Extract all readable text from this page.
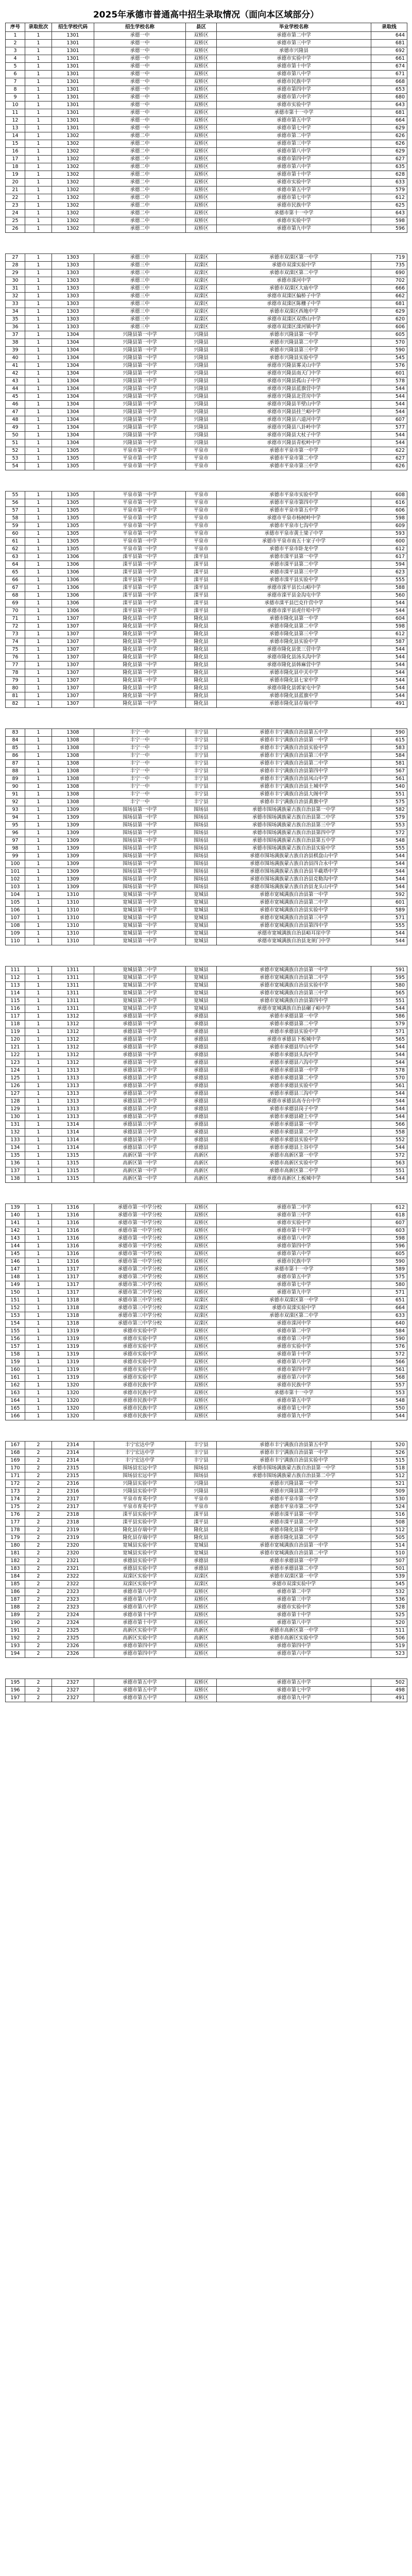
2025年承德市普通高中招生录取情况（面向本区域部分）
序号	录取批次	招生学校代码	招生学校名称	县区	毕业学校名称	录取线
1	1	1301	承德一中	双桥区	承德市第二中学	644
2	1	1301	承德一中	双桥区	承德市第三中学	681
3	1	1301	承德一中	双桥区	承德市兴隆县	692
4	1	1301	承德一中	双桥区	承德市实验中学	661
5	1	1301	承德一中	双桥区	承德市第十中学	674
6	1	1301	承德一中	双桥区	承德市第八中学	671
7	1	1301	承德一中	双桥区	承德市民族中学	668
8	1	1301	承德一中	双桥区	承德市第四中学	653
9	1	1301	承德一中	双桥区	承德市第六中学	680
10	1	1301	承德一中	双桥区	承德市实验中学	643
11	1	1301	承德一中	双桥区	承德市第十一中学	681
12	1	1301	承德一中	双桥区	承德市第五中学	664
13	1	1301	承德一中	双桥区	承德市第七中学	629
14	1	1302	承德二中	双桥区	承德市第二中学	626
15	1	1302	承德二中	双桥区	承德市第三中学	626
16	1	1302	承德二中	双桥区	承德市第八中学	629
17	1	1302	承德二中	双桥区	承德市第四中学	627
18	1	1302	承德二中	双桥区	承德市第六中学	635
19	1	1302	承德二中	双桥区	承德市第十中学	628
20	1	1302	承德二中	双桥区	承德市实验中学	633
21	1	1302	承德二中	双桥区	承德市第五中学	579
22	1	1302	承德二中	双桥区	承德市第七中学	612
23	1	1302	承德二中	双桥区	承德市民族中学	625
24	1	1302	承德二中	双桥区	承德市第十一中学	643
25	1	1302	承德二中	双桥区	承德市实验中学	598
26	1	1302	承德二中	双桥区	承德市第九中学	596
27	1	1303	承德三中	双滦区	承德市双滦区第一中学	719
28	1	1303	承德三中	双滦区	承德市双滦实验中学	735
29	1	1303	承德三中	双滦区	承德市双滦区第二中学	690
30	1	1303	承德三中	双滦区	承德市滦河中学	702
31	1	1303	承德三中	双滦区	承德市双滦区大庙中学	666
32	1	1303	承德三中	双滦区	承德市双滦区偏桥子中学	662
33	1	1303	承德三中	双滦区	承德市双滦区陈栅子中学	681
34	1	1303	承德三中	双滦区	承德市双滦区西地中学	629
35	1	1303	承德三中	双滦区	承德市双滦区双塔山中学	620
36	1	1303	承德三中	双滦区	承德市双滦区滦河镇中学	606
37	1	1304	兴隆县第一中学	兴隆县	承德市兴隆县第一中学	605
38	1	1304	兴隆县第一中学	兴隆县	承德市兴隆县第二中学	570
39	1	1304	兴隆县第一中学	兴隆县	承德市兴隆县第三中学	590
40	1	1304	兴隆县第一中学	兴隆县	承德市兴隆县实验中学	545
41	1	1304	兴隆县第一中学	兴隆县	承德市兴隆县雾灵山中学	576
42	1	1304	兴隆县第一中学	兴隆县	承德市兴隆县南天门中学	601
43	1	1304	兴隆县第一中学	兴隆县	承德市兴隆县孤山子中学	578
44	1	1304	兴隆县第一中学	兴隆县	承德市兴隆县蓝旗营中学	544
45	1	1304	兴隆县第一中学	兴隆县	承德市兴隆县北营房中学	544
46	1	1304	兴隆县第一中学	兴隆县	承德市兴隆县半壁山中学	544
47	1	1304	兴隆县第一中学	兴隆县	承德市兴隆县挂兰峪中学	544
48	1	1304	兴隆县第一中学	兴隆县	承德市兴隆县六道河中学	607
49	1	1304	兴隆县第一中学	兴隆县	承德市兴隆县八卦岭中学	577
50	1	1304	兴隆县第一中学	兴隆县	承德市兴隆县大杖子中学	544
51	1	1304	兴隆县第一中学	兴隆县	承德市兴隆县青松岭中学	544
52	1	1305	平泉市第一中学	平泉市	承德市平泉市第一中学	622
53	1	1305	平泉市第一中学	平泉市	承德市平泉市第二中学	627
54	1	1305	平泉市第一中学	平泉市	承德市平泉市第三中学	626
55	1	1305	平泉市第一中学	平泉市	承德市平泉市实验中学	608
56	1	1305	平泉市第一中学	平泉市	承德市平泉市第四中学	616
57	1	1305	平泉市第一中学	平泉市	承德市平泉市第五中学	606
58	1	1305	平泉市第一中学	平泉市	承德市平泉市杨树岭中学	598
59	1	1305	平泉市第一中学	平泉市	承德市平泉市七沟中学	609
60	1	1305	平泉市第一中学	平泉市	承德市平泉市黄土梁子中学	593
61	1	1305	平泉市第一中学	平泉市	承德市平泉市南五十家子中学	600
62	1	1305	平泉市第一中学	平泉市	承德市平泉市卧龙中学	612
63	1	1306	滦平县第一中学	滦平县	承德市滦平县第一中学	617
64	1	1306	滦平县第一中学	滦平县	承德市滦平县第二中学	594
65	1	1306	滦平县第一中学	滦平县	承德市滦平县第三中学	623
66	1	1306	滦平县第一中学	滦平县	承德市滦平县实验中学	555
67	1	1306	滦平县第一中学	滦平县	承德市滦平县长山峪中学	588
68	1	1306	滦平县第一中学	滦平县	承德市滦平县金沟屯中学	560
69	1	1306	滦平县第一中学	滦平县	承德市滦平县巴克什营中学	544
70	1	1306	滦平县第一中学	滦平县	承德市滦平县虎什哈中学	544
71	1	1307	隆化县第一中学	隆化县	承德市隆化县第一中学	604
72	1	1307	隆化县第一中学	隆化县	承德市隆化县第二中学	598
73	1	1307	隆化县第一中学	隆化县	承德市隆化县第三中学	612
74	1	1307	隆化县第一中学	隆化县	承德市隆化县实验中学	587
75	1	1307	隆化县第一中学	隆化县	承德市隆化县张三营中学	544
76	1	1307	隆化县第一中学	隆化县	承德市隆化县汤头沟中学	544
77	1	1307	隆化县第一中学	隆化县	承德市隆化县韩麻营中学	544
78	1	1307	隆化县第一中学	隆化县	承德市隆化县中关中学	544
79	1	1307	隆化县第一中学	隆化县	承德市隆化县七家中学	544
80	1	1307	隆化县第一中学	隆化县	承德市隆化县郭家屯中学	544
81	1	1307	隆化县第一中学	隆化县	承德市隆化县蓝旗中学	544
82	1	1307	隆化县第一中学	隆化县	承德市隆化县存瑞中学	491
83	1	1308	丰宁一中	丰宁县	承德市丰宁满族自治县第五中学	590
84	1	1308	丰宁一中	丰宁县	承德市丰宁满族自治县第一中学	615
85	1	1308	丰宁一中	丰宁县	承德市丰宁满族自治县实验中学	583
86	1	1308	丰宁一中	丰宁县	承德市丰宁满族自治县第三中学	584
87	1	1308	丰宁一中	丰宁县	承德市丰宁满族自治县第二中学	581
88	1	1308	丰宁一中	丰宁县	承德市丰宁满族自治县第四中学	567
89	1	1308	丰宁一中	丰宁县	承德市丰宁满族自治县凤山中学	561
90	1	1308	丰宁一中	丰宁县	承德市丰宁满族自治县土城中学	540
91	1	1308	丰宁一中	丰宁县	承德市丰宁满族自治县大阁中学	551
92	1	1308	丰宁一中	丰宁县	承德市丰宁满族自治县黄旗中学	575
93	1	1309	围场县第一中学	围场县	承德市围场满族蒙古族自治县第一中学	582
94	1	1309	围场县第一中学	围场县	承德市围场满族蒙古族自治县第二中学	579
95	1	1309	围场县第一中学	围场县	承德市围场满族蒙古族自治县第三中学	553
96	1	1309	围场县第一中学	围场县	承德市围场满族蒙古族自治县第四中学	572
97	1	1309	围场县第一中学	围场县	承德市围场满族蒙古族自治县第五中学	548
98	1	1309	围场县第一中学	围场县	承德市围场满族蒙古族自治县实验中学	555
99	1	1309	围场县第一中学	围场县	承德市围场满族蒙古族自治县棋盘山中学	544
100	1	1309	围场县第一中学	围场县	承德市围场满族蒙古族自治县四合永中学	544
101	1	1309	围场县第一中学	围场县	承德市围场满族蒙古族自治县半截塔中学	544
102	1	1309	围场县第一中学	围场县	承德市围场满族蒙古族自治县克勒沟中学	544
103	1	1309	围场县第一中学	围场县	承德市围场满族蒙古族自治县龙头山中学	544
104	1	1310	宽城县第一中学	宽城县	承德市宽城满族自治县第一中学	592
105	1	1310	宽城县第一中学	宽城县	承德市宽城满族自治县第二中学	601
106	1	1310	宽城县第一中学	宽城县	承德市宽城满族自治县实验中学	589
107	1	1310	宽城县第一中学	宽城县	承德市宽城满族自治县第三中学	571
108	1	1310	宽城县第一中学	宽城县	承德市宽城满族自治县第四中学	555
109	1	1310	宽城县第一中学	宽城县	承德市宽城满族自治县峪耳崖中学	544
110	1	1310	宽城县第一中学	宽城县	承德市宽城满族自治县龙须门中学	544
111	1	1311	宽城县第二中学	宽城县	承德市宽城满族自治县第一中学	591
112	1	1311	宽城县第二中学	宽城县	承德市宽城满族自治县第二中学	595
113	1	1311	宽城县第二中学	宽城县	承德市宽城满族自治县实验中学	580
114	1	1311	宽城县第二中学	宽城县	承德市宽城满族自治县第三中学	565
115	1	1311	宽城县第二中学	宽城县	承德市宽城满族自治县第四中学	551
116	1	1311	宽城县第二中学	宽城县	承德市宽城满族自治县碾子峪中学	544
117	1	1312	承德县第一中学	承德县	承德市承德县第一中学	586
118	1	1312	承德县第一中学	承德县	承德市承德县第二中学	579
119	1	1312	承德县第一中学	承德县	承德市承德县实验中学	571
120	1	1312	承德县第一中学	承德县	承德市承德县下板城中学	565
121	1	1312	承德县第一中学	承德县	承德市承德县甲山中学	544
122	1	1312	承德县第一中学	承德县	承德市承德县头沟中学	544
123	1	1312	承德县第一中学	承德县	承德市承德县六沟中学	544
124	1	1313	承德县第二中学	承德县	承德市承德县第一中学	578
125	1	1313	承德县第二中学	承德县	承德市承德县第二中学	570
126	1	1313	承德县第二中学	承德县	承德市承德县实验中学	561
127	1	1313	承德县第二中学	承德县	承德市承德县三沟中学	544
128	1	1313	承德县第二中学	承德县	承德市承德县高寺台中学	544
129	1	1313	承德县第二中学	承德县	承德市承德县岗子中学	544
130	1	1313	承德县第二中学	承德县	承德市承德县磴上中学	544
131	1	1314	承德县第三中学	承德县	承德市承德县第一中学	566
132	1	1314	承德县第三中学	承德县	承德市承德县第二中学	558
133	1	1314	承德县第三中学	承德县	承德市承德县实验中学	552
134	1	1314	承德县第三中学	承德县	承德市承德县上谷中学	544
135	1	1315	高新区第一中学	高新区	承德市高新区第一中学	572
136	1	1315	高新区第一中学	高新区	承德市高新区实验中学	563
137	1	1315	高新区第一中学	高新区	承德市高新区第二中学	551
138	1	1315	高新区第一中学	高新区	承德市高新区上板城中学	544
139	1	1316	承德市第一中学分校	双桥区	承德市第二中学	612
140	1	1316	承德市第一中学分校	双桥区	承德市第三中学	618
141	1	1316	承德市第一中学分校	双桥区	承德市实验中学	607
142	1	1316	承德市第一中学分校	双桥区	承德市第十中学	603
143	1	1316	承德市第一中学分校	双桥区	承德市第八中学	598
144	1	1316	承德市第一中学分校	双桥区	承德市第四中学	596
145	1	1316	承德市第一中学分校	双桥区	承德市第六中学	605
146	1	1316	承德市第一中学分校	双桥区	承德市民族中学	590
147	1	1317	承德市第二中学分校	双桥区	承德市第十一中学	589
148	1	1317	承德市第二中学分校	双桥区	承德市第五中学	575
149	1	1317	承德市第二中学分校	双桥区	承德市第七中学	580
150	1	1317	承德市第二中学分校	双桥区	承德市第九中学	571
151	1	1318	承德市第三中学分校	双滦区	承德市双滦区第一中学	651
152	1	1318	承德市第三中学分校	双滦区	承德市双滦实验中学	664
153	1	1318	承德市第三中学分校	双滦区	承德市双滦区第二中学	633
154	1	1318	承德市第三中学分校	双滦区	承德市滦河中学	640
155	1	1319	承德市实验中学	双桥区	承德市第二中学	584
156	1	1319	承德市实验中学	双桥区	承德市第三中学	590
157	1	1319	承德市实验中学	双桥区	承德市实验中学	576
158	1	1319	承德市实验中学	双桥区	承德市第十中学	572
159	1	1319	承德市实验中学	双桥区	承德市第八中学	566
160	1	1319	承德市实验中学	双桥区	承德市第四中学	561
161	1	1319	承德市实验中学	双桥区	承德市第六中学	568
162	1	1320	承德市民族中学	双桥区	承德市民族中学	557
163	1	1320	承德市民族中学	双桥区	承德市第十一中学	553
164	1	1320	承德市民族中学	双桥区	承德市第五中学	548
165	1	1320	承德市民族中学	双桥区	承德市第七中学	550
166	1	1320	承德市民族中学	双桥区	承德市第九中学	544
167	2	2314	丰宁宏达中学	丰宁县	承德市丰宁满族自治县第五中学	520
168	2	2314	丰宁宏达中学	丰宁县	承德市丰宁满族自治县第一中学	526
169	2	2314	丰宁宏达中学	丰宁县	承德市丰宁满族自治县实验中学	515
170	2	2315	围场县宏远中学	围场县	承德市围场满族蒙古族自治县第一中学	518
171	2	2315	围场县宏远中学	围场县	承德市围场满族蒙古族自治县第二中学	512
172	2	2316	兴隆县实验中学	兴隆县	承德市兴隆县第一中学	521
173	2	2316	兴隆县实验中学	兴隆县	承德市兴隆县第二中学	509
174	2	2317	平泉市育英中学	平泉市	承德市平泉市第一中学	530
175	2	2317	平泉市育英中学	平泉市	承德市平泉市第二中学	524
176	2	2318	滦平县实验中学	滦平县	承德市滦平县第一中学	516
177	2	2318	滦平县实验中学	滦平县	承德市滦平县第二中学	508
178	2	2319	隆化县存瑞中学	隆化县	承德市隆化县第一中学	512
179	2	2319	隆化县存瑞中学	隆化县	承德市隆化县第二中学	505
180	2	2320	宽城县实验中学	宽城县	承德市宽城满族自治县第一中学	514
181	2	2320	宽城县实验中学	宽城县	承德市宽城满族自治县第二中学	510
182	2	2321	承德县实验中学	承德县	承德市承德县第一中学	507
183	2	2321	承德县实验中学	承德县	承德市承德县第二中学	501
184	2	2322	双滦区实验中学	双滦区	承德市双滦区第一中学	539
185	2	2322	双滦区实验中学	双滦区	承德市双滦实验中学	545
186	2	2323	承德市第八中学	双桥区	承德市第二中学	532
187	2	2323	承德市第八中学	双桥区	承德市第三中学	536
188	2	2323	承德市第八中学	双桥区	承德市实验中学	528
189	2	2324	承德市第十中学	双桥区	承德市第十中学	525
190	2	2324	承德市第十中学	双桥区	承德市第八中学	520
191	2	2325	高新区实验中学	高新区	承德市高新区第一中学	511
192	2	2325	高新区实验中学	高新区	承德市高新区实验中学	506
193	2	2326	承德市第四中学	双桥区	承德市第四中学	519
194	2	2326	承德市第四中学	双桥区	承德市第六中学	523
195	2	2327	承德市第五中学	双桥区	承德市第五中学	502
196	2	2327	承德市第五中学	双桥区	承德市第七中学	498
197	2	2327	承德市第五中学	双桥区	承德市第九中学	491
